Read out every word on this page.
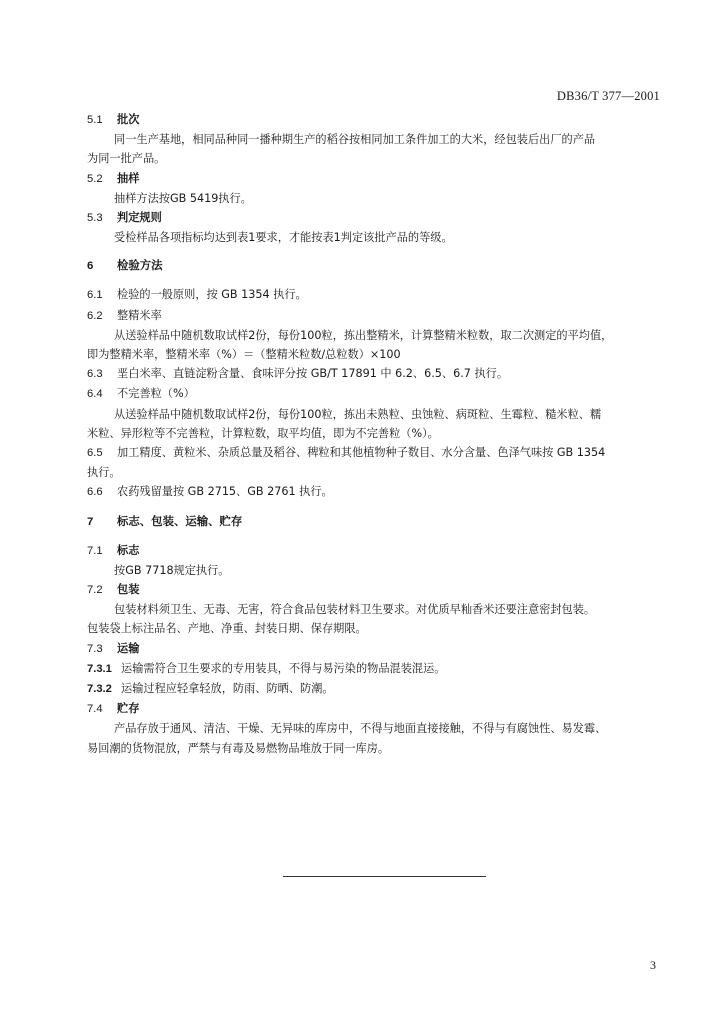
DB36/T 377—2001
5.1 批次
同一生产基地，相同品种同一播种期生产的稻谷按相同加工条件加工的大米，经包装后出厂的产品
为同一批产品。
5.2 抽样
抽样方法按GB 5419执行。
5.3 判定规则
受检样品各项指标均达到表1要求，才能按表1判定该批产品的等级。
6 检验方法
6.1 检验的一般原则，按 GB 1354 执行。
6.2 整精米率
从送验样品中随机数取试样2份，每份100粒，拣出整精米，计算整精米粒数，取二次测定的平均值，
即为整精米率，整精米率（%）＝（整精米粒数/总粒数）×100
6.3 垩白米率、直链淀粉含量、食味评分按 GB/T 17891 中 6.2、6.5、6.7 执行。
6.4 不完善粒（%）
从送验样品中随机数取试样2份，每份100粒，拣出未熟粒、虫蚀粒、病斑粒、生霉粒、糙米粒、糯
米粒、异形粒等不完善粒，计算粒数，取平均值，即为不完善粒（%）。
6.5 加工精度、黄粒米、杂质总量及稻谷、稗粒和其他植物种子数目、水分含量、色泽气味按 GB 1354
执行。
6.6 农药残留量按 GB 2715、GB 2761 执行。
7 标志、包装、运输、贮存
7.1 标志
按GB 7718规定执行。
7.2 包装
包装材料须卫生、无毒、无害，符合食品包装材料卫生要求。对优质早籼香米还要注意密封包装。
包装袋上标注品名、产地、净重、封装日期、保存期限。
7.3 运输
7.3.1 运输需符合卫生要求的专用装具，不得与易污染的物品混装混运。
7.3.2 运输过程应轻拿轻放，防雨、防晒、防潮。
7.4 贮存
产品存放于通风、清洁、干燥、无异味的库房中，不得与地面直接接触，不得与有腐蚀性、易发霉、
易回潮的货物混放，严禁与有毒及易燃物品堆放于同一库房。
3
